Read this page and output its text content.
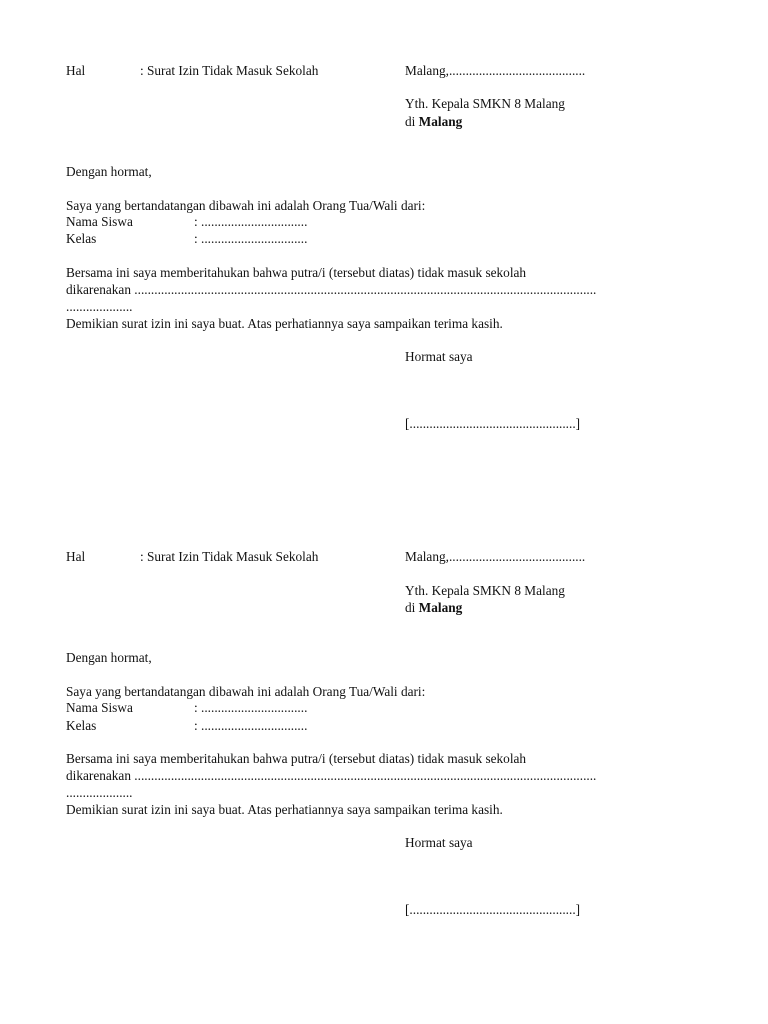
Hal	: Surat Izin Tidak Masuk Sekolah	Malang,.........................................
Yth. Kepala SMKN 8 Malang
di Malang
Dengan hormat,
Saya yang bertandatangan dibawah ini adalah Orang Tua/Wali dari:
Nama Siswa	: ................................
Kelas	: ................................
Bersama ini saya memberitahukan bahwa putra/i (tersebut diatas) tidak masuk sekolah
dikarenakan ...........................................................................................................................................
....................
Demikian surat izin ini saya buat. Atas perhatiannya saya sampaikan terima kasih.
Hormat saya
[..................................................]
Hal	: Surat Izin Tidak Masuk Sekolah	Malang,.........................................
Yth. Kepala SMKN 8 Malang
di Malang
Dengan hormat,
Saya yang bertandatangan dibawah ini adalah Orang Tua/Wali dari:
Nama Siswa	: ................................
Kelas	: ................................
Bersama ini saya memberitahukan bahwa putra/i (tersebut diatas) tidak masuk sekolah
dikarenakan ...........................................................................................................................................
....................
Demikian surat izin ini saya buat. Atas perhatiannya saya sampaikan terima kasih.
Hormat saya
[..................................................]
